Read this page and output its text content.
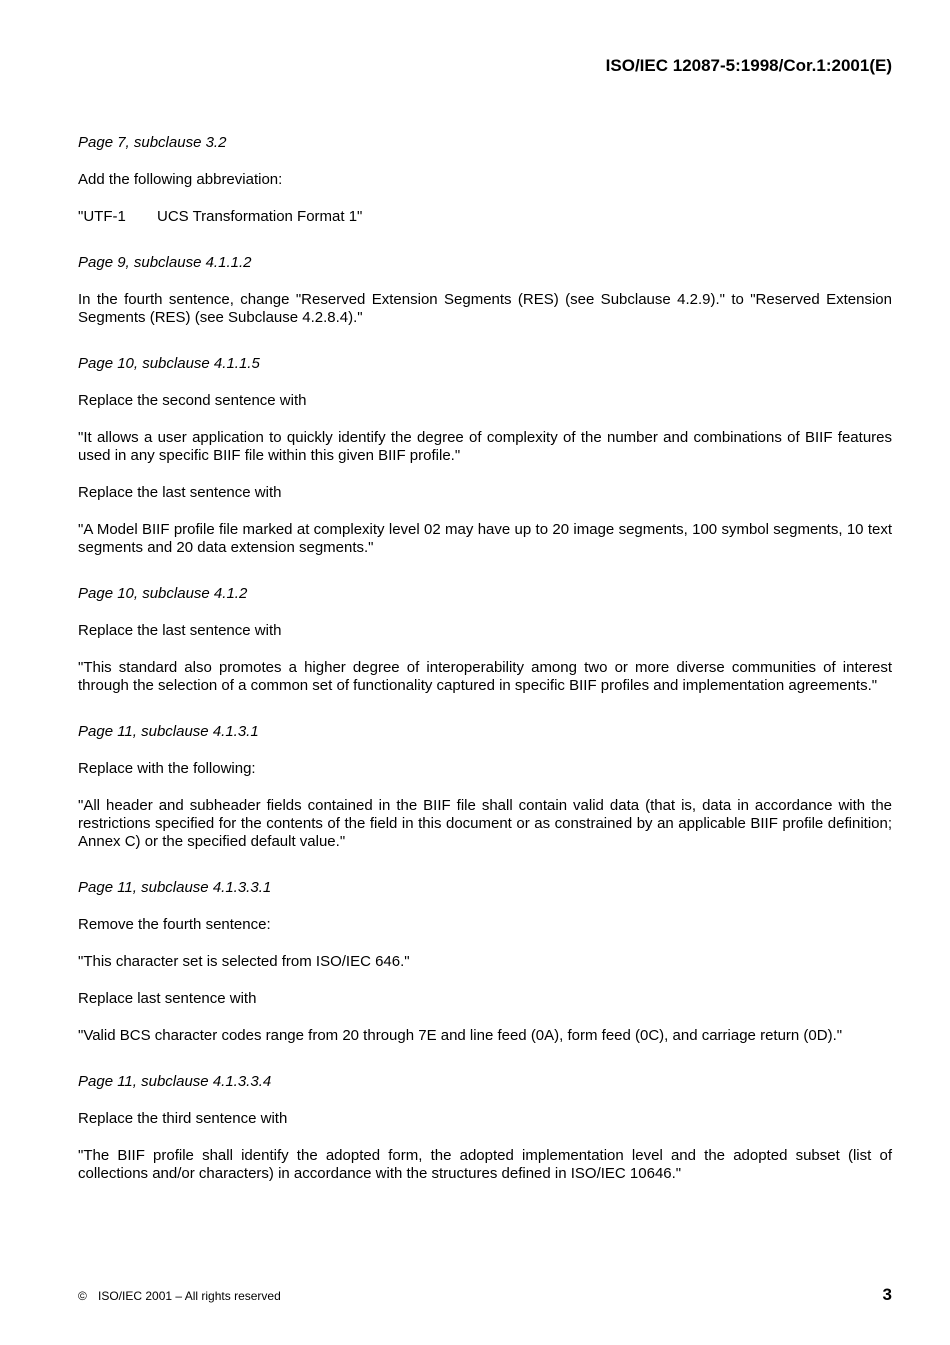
ISO/IEC 12087-5:1998/Cor.1:2001(E)
Page 7, subclause 3.2
Add the following abbreviation:
"UTF-1	UCS Transformation Format 1"
Page 9, subclause 4.1.1.2
In the fourth sentence, change "Reserved Extension Segments (RES) (see Subclause 4.2.9)." to "Reserved Extension Segments (RES) (see Subclause 4.2.8.4)."
Page 10, subclause 4.1.1.5
Replace the second sentence with
"It allows a user application to quickly identify the degree of complexity of the number and combinations of BIIF features used in any specific BIIF file within this given BIIF profile."
Replace the last sentence with
"A Model BIIF profile file marked at complexity level 02 may have up to 20 image segments, 100 symbol segments, 10 text segments and 20 data extension segments."
Page 10, subclause 4.1.2
Replace the last sentence with
"This standard also promotes a higher degree of interoperability among two or more diverse communities of interest through the selection of a common set of functionality captured in specific BIIF profiles and implementation agreements."
Page 11, subclause 4.1.3.1
Replace with the following:
"All header and subheader fields contained in the BIIF file shall contain valid data (that is, data in accordance with the restrictions specified for the contents of the field in this document or as constrained by an applicable BIIF profile definition; Annex C) or the specified default value."
Page 11, subclause 4.1.3.3.1
Remove the fourth sentence:
"This character set is selected from ISO/IEC 646."
Replace last sentence with
"Valid BCS character codes range from 20 through 7E and line feed (0A), form feed (0C), and carriage return (0D)."
Page 11, subclause 4.1.3.3.4
Replace the third sentence with
"The BIIF profile shall identify the adopted form, the adopted implementation level and the adopted subset (list of collections and/or characters) in accordance with the structures defined in ISO/IEC 10646."
© ISO/IEC 2001 – All rights reserved	3
